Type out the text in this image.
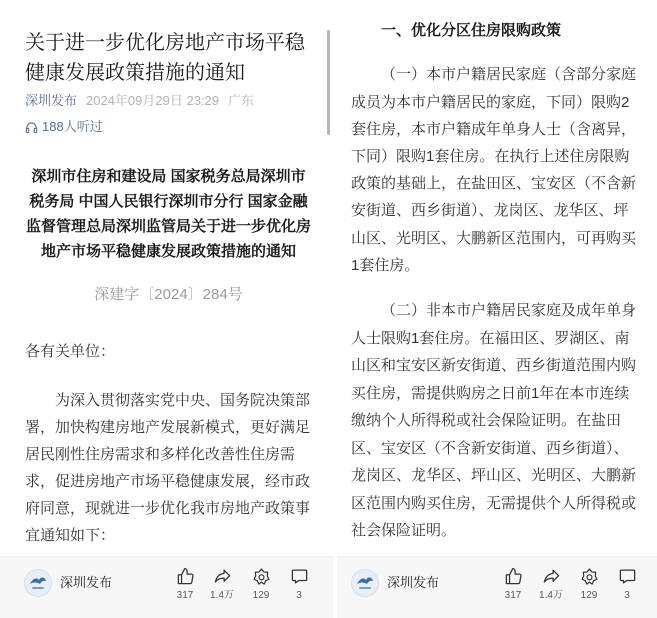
关于进一步优化房地产市场平稳健康发展政策措施的通知
深圳发布 2024年09月29日 23:29 广东
188人听过

深圳市住房和建设局 国家税务总局深圳市税务局 中国人民银行深圳市分行 国家金融监督管理总局深圳监管局关于进一步优化房地产市场平稳健康发展政策措施的通知

深建字〔2024〕284号

各有关单位：

为深入贯彻落实党中央、国务院决策部署，加快构建房地产发展新模式，更好满足居民刚性住房需求和多样化改善性住房需求，促进房地产市场平稳健康发展，经市政府同意，现就进一步优化我市房地产政策事宜通知如下：

深圳发布
317	1.4万	129	3

一、优化分区住房限购政策

（一）本市户籍居民家庭（含部分家庭成员为本市户籍居民的家庭，下同）限购2套住房，本市户籍成年单身人士（含离异，下同）限购1套住房。在执行上述住房限购政策的基础上，在盐田区、宝安区（不含新安街道、西乡街道）、龙岗区、龙华区、坪山区、光明区、大鹏新区范围内，可再购买1套住房。

（二）非本市户籍居民家庭及成年单身人士限购1套住房。在福田区、罗湖区、南山区和宝安区新安街道、西乡街道范围内购买住房，需提供购房之日前1年在本市连续缴纳个人所得税或社会保险证明。在盐田区、宝安区（不含新安街道、西乡街道）、龙岗区、龙华区、坪山区、光明区、大鹏新区范围内购买住房，无需提供个人所得税或社会保险证明。

深圳发布
317	1.4万	129	3
